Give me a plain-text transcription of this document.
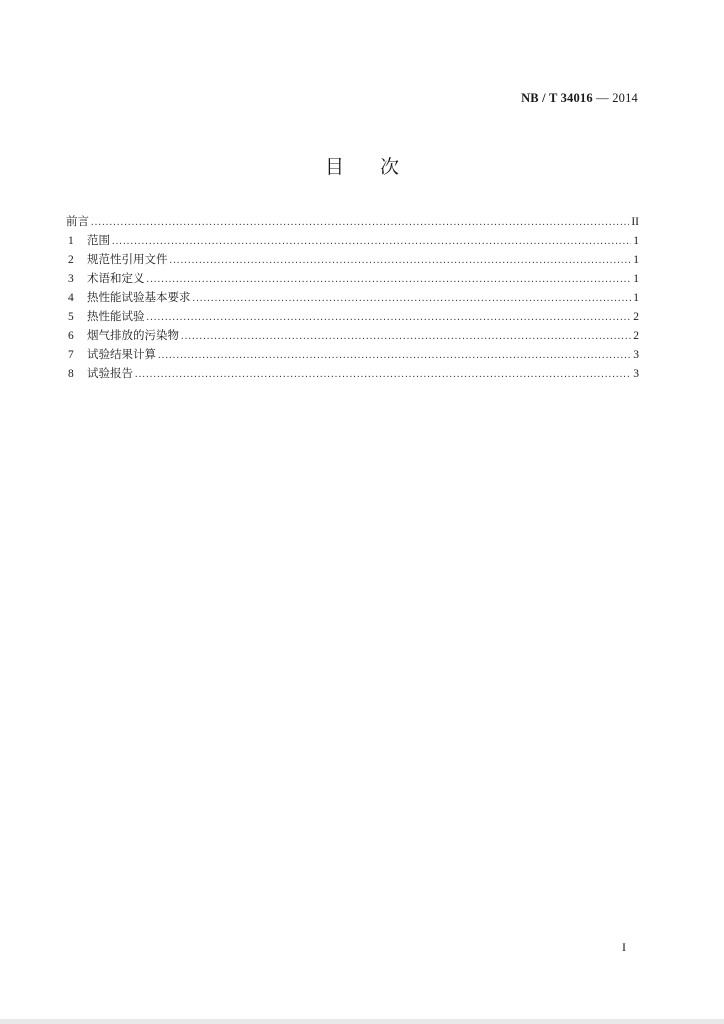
NB / T 34016 — 2014
目次
前言 .....	II
1	范围 .....	1
2	规范性引用文件 .....	1
3	术语和定义 .....	1
4	热性能试验基本要求 .....	1
5	热性能试验 .....	2
6	烟气排放的污染物 .....	2
7	试验结果计算 .....	3
8	试验报告 .....	3
I
